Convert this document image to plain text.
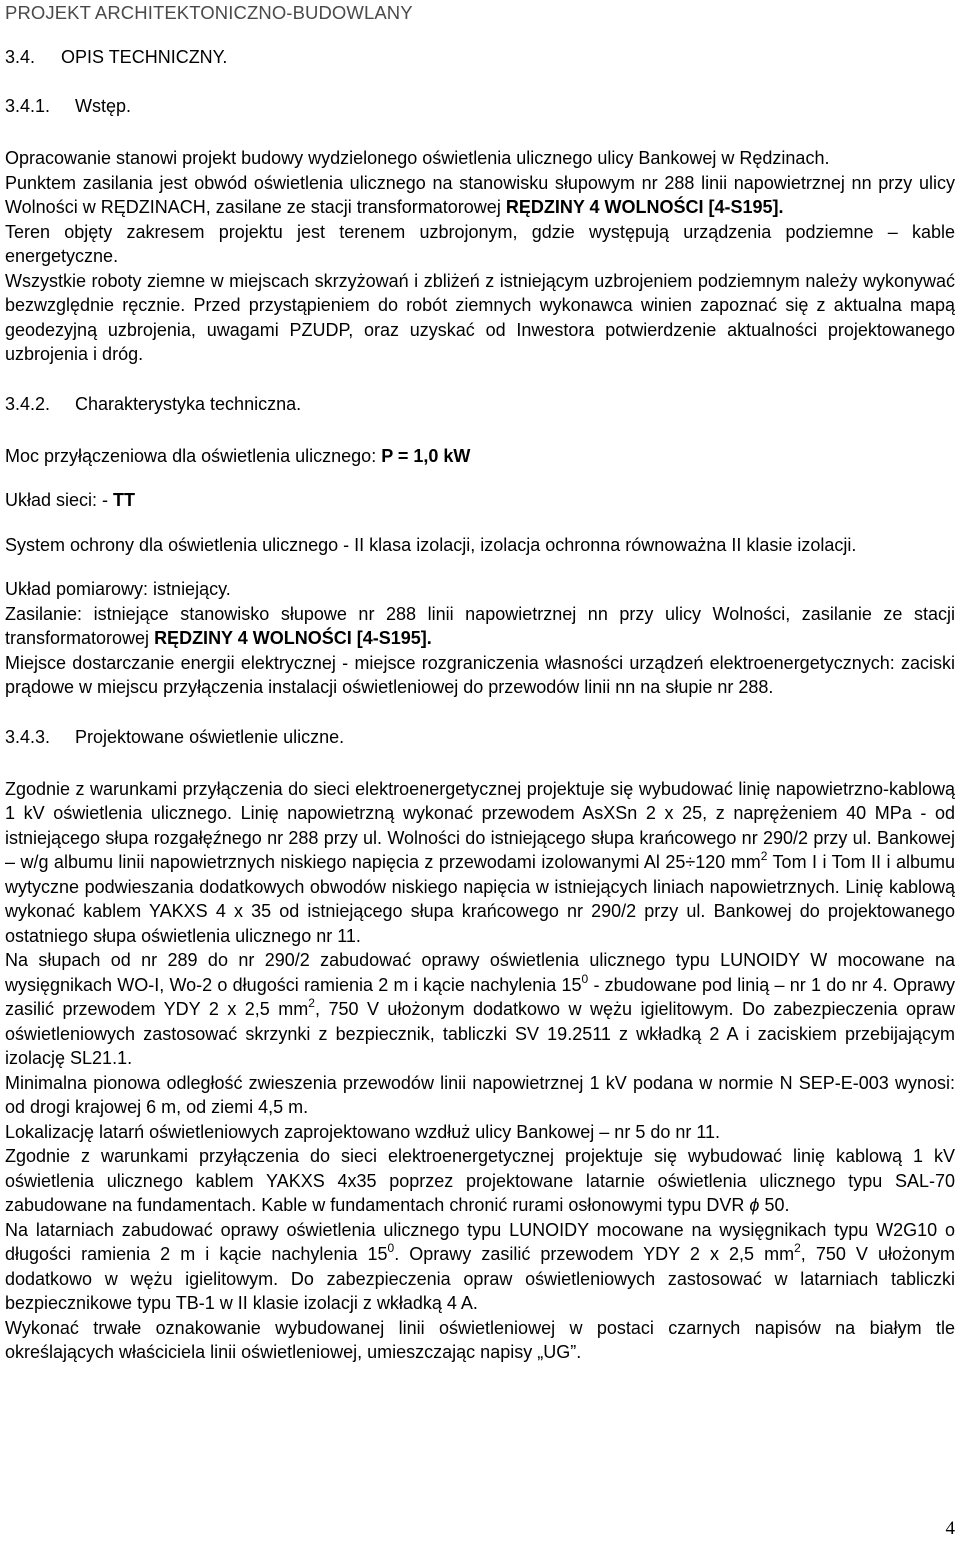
PROJEKT ARCHITEKTONICZNO-BUDOWLANY

3.4. OPIS TECHNICZNY.

3.4.1. Wstęp.

Opracowanie stanowi projekt budowy wydzielonego oświetlenia ulicznego ulicy Bankowej w Rędzinach.

Punktem zasilania jest obwód oświetlenia ulicznego na stanowisku słupowym nr 288 linii napowietrznej nn przy ulicy Wolności w RĘDZINACH, zasilane ze stacji transformatorowej RĘDZINY 4 WOLNOŚCI [4-S195].

Teren objęty zakresem projektu jest terenem uzbrojonym, gdzie występują urządzenia podziemne – kable energetyczne.

Wszystkie roboty ziemne w miejscach skrzyżowań i zbliżeń z istniejącym uzbrojeniem podziemnym należy wykonywać bezwzględnie ręcznie. Przed przystąpieniem do robót ziemnych wykonawca winien zapoznać się z aktualna mapą geodezyjną uzbrojenia, uwagami PZUDP, oraz uzyskać od Inwestora potwierdzenie aktualności projektowanego uzbrojenia i dróg.

3.4.2. Charakterystyka techniczna.

Moc przyłączeniowa dla oświetlenia ulicznego: P = 1,0 kW

Układ sieci: - TT

System ochrony dla oświetlenia ulicznego - II klasa izolacji, izolacja ochronna równoważna II klasie izolacji.

Układ pomiarowy: istniejący.

Zasilanie: istniejące stanowisko słupowe nr 288 linii napowietrznej nn przy ulicy Wolności, zasilanie ze stacji transformatorowej RĘDZINY 4 WOLNOŚCI [4-S195].

Miejsce dostarczanie energii elektrycznej - miejsce rozgraniczenia własności urządzeń elektroenergetycznych: zaciski prądowe w miejscu przyłączenia instalacji oświetleniowej do przewodów linii nn na słupie nr 288.

3.4.3. Projektowane oświetlenie uliczne.

Zgodnie z warunkami przyłączenia do sieci elektroenergetycznej projektuje się wybudować linię napowietrzno-kablową 1 kV oświetlenia ulicznego. Linię napowietrzną wykonać przewodem AsXSn 2 x 25, z naprężeniem 40 MPa - od istniejącego słupa rozgałęźnego nr 288 przy ul. Wolności do istniejącego słupa krańcowego nr 290/2 przy ul. Bankowej – w/g albumu linii napowietrznych niskiego napięcia z przewodami izolowanymi Al 25÷120 $mm^2$ Tom I i Tom II i albumu wytyczne podwieszania dodatkowych obwodów niskiego napięcia w istniejących liniach napowietrznych. Linię kablową wykonać kablem YAKXS 4 x 35 od istniejącego słupa krańcowego nr 290/2 przy ul. Bankowej do projektowanego ostatniego słupa oświetlenia ulicznego nr 11.

Na słupach od nr 289 do nr 290/2 zabudować oprawy oświetlenia ulicznego typu LUNOIDY W mocowane na wysięgnikach WO-I, Wo-2 o długości ramienia 2 m i kącie nachylenia $15^0$ - zbudowane pod linią – nr 1 do nr 4. Oprawy zasilić przewodem YDY 2 x 2,5 $mm^2$, 750 V ułożonym dodatkowo w wężu igielitowym. Do zabezpieczenia opraw oświetleniowych zastosować skrzynki z bezpiecznik, tabliczki SV 19.2511 z wkładką 2 A i zaciskiem przebijającym izolację SL21.1.

Minimalna pionowa odległość zwieszenia przewodów linii napowietrznej 1 kV podana w normie N SEP-E-003 wynosi: od drogi krajowej 6 m, od ziemi 4,5 m.

Lokalizację latarń oświetleniowych zaprojektowano wzdłuż ulicy Bankowej – nr 5 do nr 11.

Zgodnie z warunkami przyłączenia do sieci elektroenergetycznej projektuje się wybudować linię kablową 1 kV oświetlenia ulicznego kablem YAKXS 4x35 poprzez projektowane latarnie oświetlenia ulicznego typu SAL-70 zabudowane na fundamentach. Kable w fundamentach chronić rurami osłonowymi typu DVR ϕ 50.

Na latarniach zabudować oprawy oświetlenia ulicznego typu LUNOIDY mocowane na wysięgnikach typu W2G10 o długości ramienia 2 m i kącie nachylenia $15^0$. Oprawy zasilić przewodem YDY 2 x 2,5 $mm^2$, 750 V ułożonym dodatkowo w wężu igielitowym. Do zabezpieczenia opraw oświetleniowych zastosować w latarniach tabliczki bezpiecznikowe typu TB-1 w II klasie izolacji z wkładką 4 A.

Wykonać trwałe oznakowanie wybudowanej linii oświetleniowej w postaci czarnych napisów na białym tle określających właściciela linii oświetleniowej, umieszczając napisy „UG”.

4
